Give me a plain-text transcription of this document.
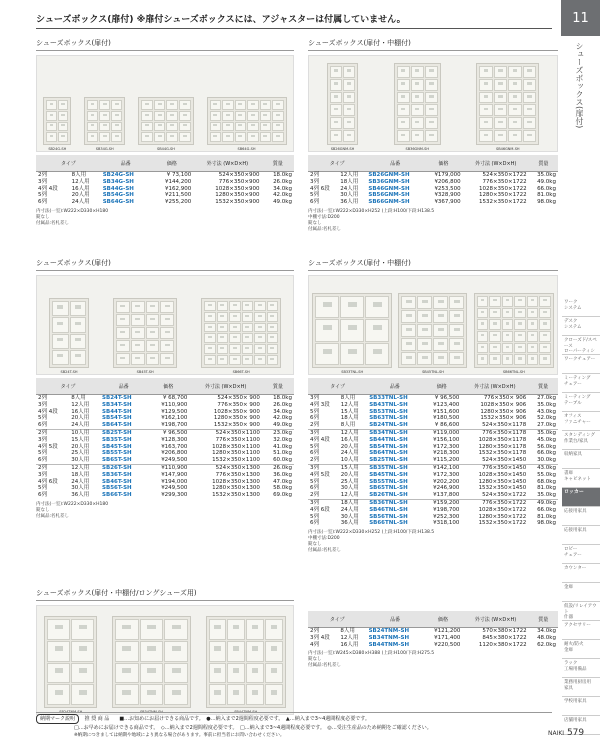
シューズボックス(扉付) ※扉付シューズボックスには、アジャスターは付属していません。	11
シューズボックス(扉付)
ワーク
システム
デスク
システム
クローズド/スペース
ローパーティシ
ワークチェアー
ミーティング
チェアー
ミーティング
テーブル
オフィス
ファニチャー
スタンディング
作業台/家具
収納家具
書庫
キャビネット
ロッカー
応接用家具
応接用家具
ロビー
チェアー
カウンター
金庫
仮設/リレイアウト
什器
アクセサリー
耐火/防火
金庫
ラック
工場用備品
業務用厨房用
家具
学校用家具
店舗用家具
シューズボックス(扉付)
SB24G-SH	SB34G-SH	SB44G-SH	SB64G-SH
タイプ		品番	価格	外寸法 (W×D×H)	質量
2列	8人用	SB24G-SH	¥ 73,100	524×350×900	18.0kg
3列	12人用	SB34G-SH	¥144,200	776×350×900	26.0kg
4列 4段	16人用	SB44G-SH	¥162,900	1028×350×900	34.0kg
5列	20人用	SB54G-SH	¥211,500	1280×350×900	42.0kg
6列	24人用	SB64G-SH	¥255,200	1532×350×900	49.0kg
内寸法(一室):W222×D330×H180
錠なし
付属品:名札差し
シューズボックス(扉付・中棚付)
SB26GNM-SH	SB36GNM-SH	SB46GNM-SH
タイプ		品番	価格	外寸法 (W×D×H)	質量
2列	12人用	SB26GNM-SH	¥179,000	524×350×1722	35.0kg
3列	18人用	SB36GNM-SH	¥206,800	776×350×1722	49.0kg
4列 6段	24人用	SB46GNM-SH	¥253,500	1028×350×1722	66.0kg
5列	30人用	SB56GNM-SH	¥328,900	1280×350×1722	81.0kg
6列	36人用	SB66GNM-SH	¥367,900	1532×350×1722	98.0kg
内寸法(一室):W222×D330×H252 (上段:H100/下段:H138.5
中棚寸法:D200
錠なし
付属品:名札差し
シューズボックス(扉付)
SB24T-SH	SB45T-SH	SB66T-SH
タイプ		品番	価格	外寸法 (W×D×H)	質量
2列	8人用	SB24T-SH	¥ 68,700	524×350× 900	18.0kg
3列	12人用	SB34T-SH	¥110,900	776×350× 900	26.0kg
4列 4段	16人用	SB44T-SH	¥129,500	1028×350× 900	34.0kg
5列	20人用	SB54T-SH	¥162,100	1280×350× 900	42.0kg
6列	24人用	SB64T-SH	¥198,700	1532×350× 900	49.0kg
2列	10人用	SB25T-SH	¥ 96,500	524×350×1100	23.0kg
3列	15人用	SB35T-SH	¥128,300	776×350×1100	32.0kg
4列 5段	20人用	SB45T-SH	¥163,700	1028×350×1100	41.0kg
5列	25人用	SB55T-SH	¥206,800	1280×350×1100	51.0kg
6列	30人用	SB65T-SH	¥249,500	1532×350×1100	60.0kg
2列	12人用	SB26T-SH	¥110,900	524×350×1300	26.0kg
3列	18人用	SB36T-SH	¥147,900	776×350×1300	36.0kg
4列 6段	24人用	SB46T-SH	¥194,000	1028×350×1300	47.0kg
5列	30人用	SB56T-SH	¥249,500	1280×350×1300	58.0kg
6列	36人用	SB66T-SH	¥299,300	1532×350×1300	69.0kg
内寸法(一室):W222×D330×H180
錠なし
付属品:名札差し
シューズボックス(扉付・中棚付)
SB33TNL-SH	SB45TNL-SH	SB66TNL-SH
タイプ		品番	価格	外寸法 (W×D×H)	質量
3列	8人用	SB33TNL-SH	¥ 96,500	776×350× 906	27.0kg
4列 3段	12人用	SB43TNL-SH	¥123,400	1028×350× 906	35.0kg
5列	15人用	SB53TNL-SH	¥151,600	1280×350× 906	43.0kg
6列	18人用	SB63TNL-SH	¥180,500	1532×350× 906	52.0kg
2列	8人用	SB24TNL-SH	¥ 86,600	524×350×1178	27.0kg
3列	12人用	SB34TNL-SH	¥119,000	776×350×1178	35.0kg
4列 4段	16人用	SB44TNL-SH	¥156,100	1028×350×1178	45.0kg
5列	20人用	SB54TNL-SH	¥172,300	1280×350×1178	56.0kg
6列	24人用	SB64TNL-SH	¥218,300	1532×350×1178	66.0kg
2列	10人用	SB25TNL-SH	¥115,200	524×350×1450	30.0kg
3列	15人用	SB35TNL-SH	¥142,100	776×350×1450	43.0kg
4列 5段	20人用	SB45TNL-SH	¥172,300	1028×350×1450	55.0kg
5列	25人用	SB55TNL-SH	¥202,200	1280×350×1450	68.0kg
6列	30人用	SB65TNL-SH	¥246,900	1532×350×1450	81.0kg
2列	12人用	SB26TNL-SH	¥137,800	524×350×1722	35.0kg
3列	18人用	SB36TNL-SH	¥159,200	776×350×1722	49.0kg
4列 6段	24人用	SB46TNL-SH	¥198,700	1028×350×1722	66.0kg
5列	30人用	SB56TNL-SH	¥252,300	1280×350×1722	81.0kg
6列	36人用	SB66TNL-SH	¥318,100	1532×350×1722	98.0kg
内寸法(一室):W222×D330×H252 (上段:H100/下段:H138.5
中棚寸法:D200
錠なし
付属品:名札差し
シューズボックス(扉付・中棚付/ロングシューズ用)
SB24TNM-SH	SB34TNM-SH	SB44TNM-SH
タイプ		品番	価格	外寸法 (W×D×H)	質量
2列	8人用	SB24TNM-SH	¥121,200	570×380×1722	34.0kg
3列 4段	12人用	SB34TNM-SH	¥171,400	845×380×1722	48.0kg
4列	16人用	SB44TNM-SH	¥220,500	1120×380×1722	62.0kg
内寸法(一室):W245×D380×H388 (上段:H100/下段:H275.5
錠なし
付属品:名札差し
納期マーク説明 推 奨 商 品　　■…お知めにお届けできる商品です。　●…納入まで2週間程度必要です。　▲…納入まで3~4週間程度必要です。
□…お早めにお届けできる商品です。　◇…納入まで2週間程度必要です。　□…納入まで3~4週間程度必要です。　◎…受注生産品のため納期をご確認ください。
※納期につきましては納期や地域により異なる場合があります。事前に担当者にお問い合わせください。	NAIKI 579
